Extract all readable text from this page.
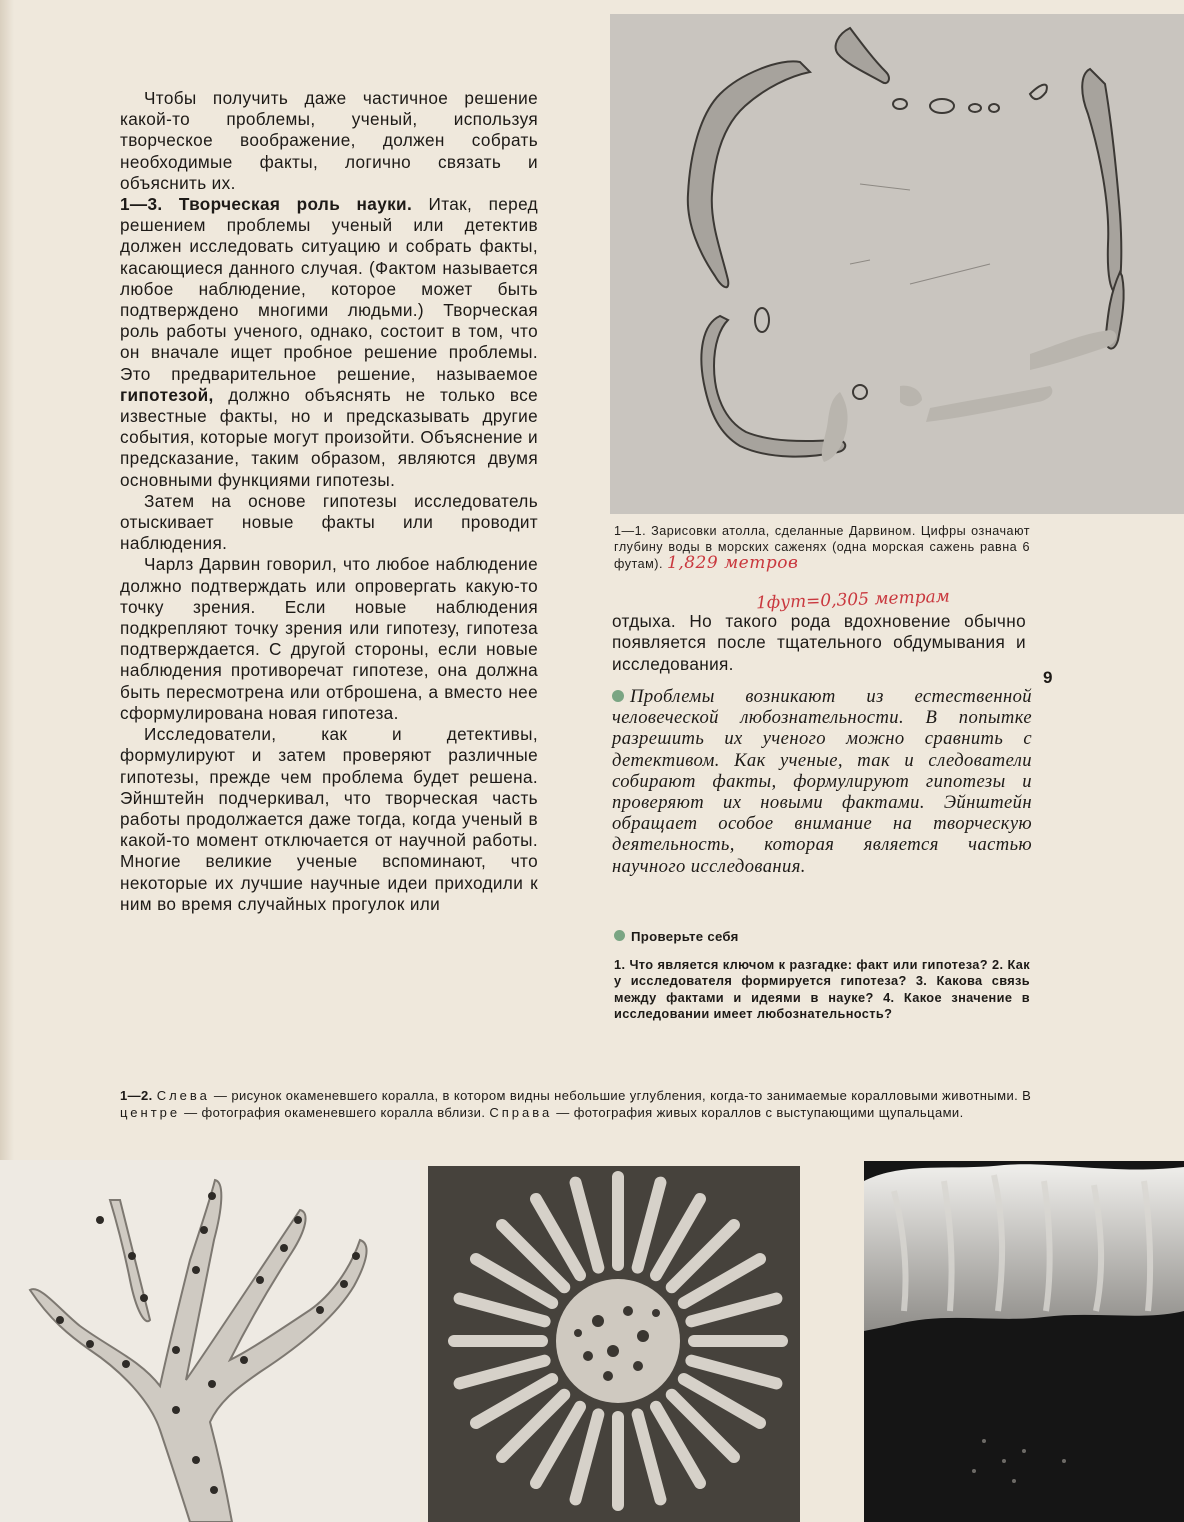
Чтобы получить даже частичное решение какой-то проблемы, ученый, используя творческое воображение, должен собрать необходимые факты, логично связать и объяснить их.

1—3. Творческая роль науки. Итак, перед решением проблемы ученый или детектив должен исследовать ситуацию и собрать факты, касающиеся данного случая. (Фактом называется любое наблюдение, которое может быть подтверждено многими людьми.) Творческая роль работы ученого, однако, состоит в том, что он вначале ищет пробное решение проблемы. Это предварительное решение, называемое гипотезой, должно объяснять не только все известные факты, но и предсказывать другие события, которые могут произойти. Объяснение и предсказание, таким образом, являются двумя основными функциями гипотезы.

Затем на основе гипотезы исследователь отыскивает новые факты или проводит наблюдения.

Чарлз Дарвин говорил, что любое наблюдение должно подтверждать или опровергать какую-то точку зрения. Если новые наблюдения подкрепляют точку зрения или гипотезу, гипотеза подтверждается. С другой стороны, если новые наблюдения противоречат гипотезе, она должна быть пересмотрена или отброшена, а вместо нее сформулирована новая гипотеза.

Исследователи, как и детективы, формулируют и затем проверяют различные гипотезы, прежде чем проблема будет решена. Эйнштейн подчеркивал, что творческая часть работы продолжается даже тогда, когда ученый в какой-то момент отключается от научной работы. Многие великие ученые вспоминают, что некоторые их лучшие научные идеи приходили к ним во время случайных прогулок или

1—1. Зарисовки атолла, сделанные Дарвином. Цифры означают глубину воды в морских саженях (одна морская сажень равна 6 футам). 1,829 метров
1фут=0,305 метрам
отдыха. Но такого рода вдохновение обычно появляется после тщательного обдумывания и исследования.
9
Проблемы возникают из естественной человеческой любознательности. В попытке разрешить их ученого можно сравнить с детективом. Как ученые, так и следователи собирают факты, формулируют гипотезы и проверяют их новыми фактами. Эйнштейн обращает особое внимание на творческую деятельность, которая является частью научного исследования.
Проверьте себя
1. Что является ключом к разгадке: факт или гипотеза? 2. Как у исследователя формируется гипотеза? 3. Какова связь между фактами и идеями в науке? 4. Какое значение в исследовании имеет любознательность?
1—2. Слева — рисунок окаменевшего коралла, в котором видны небольшие углубления, когда-то занимаемые коралловыми животными. В центре — фотография окаменевшего коралла вблизи. Справа — фотография живых кораллов с выступающими щупальцами.
